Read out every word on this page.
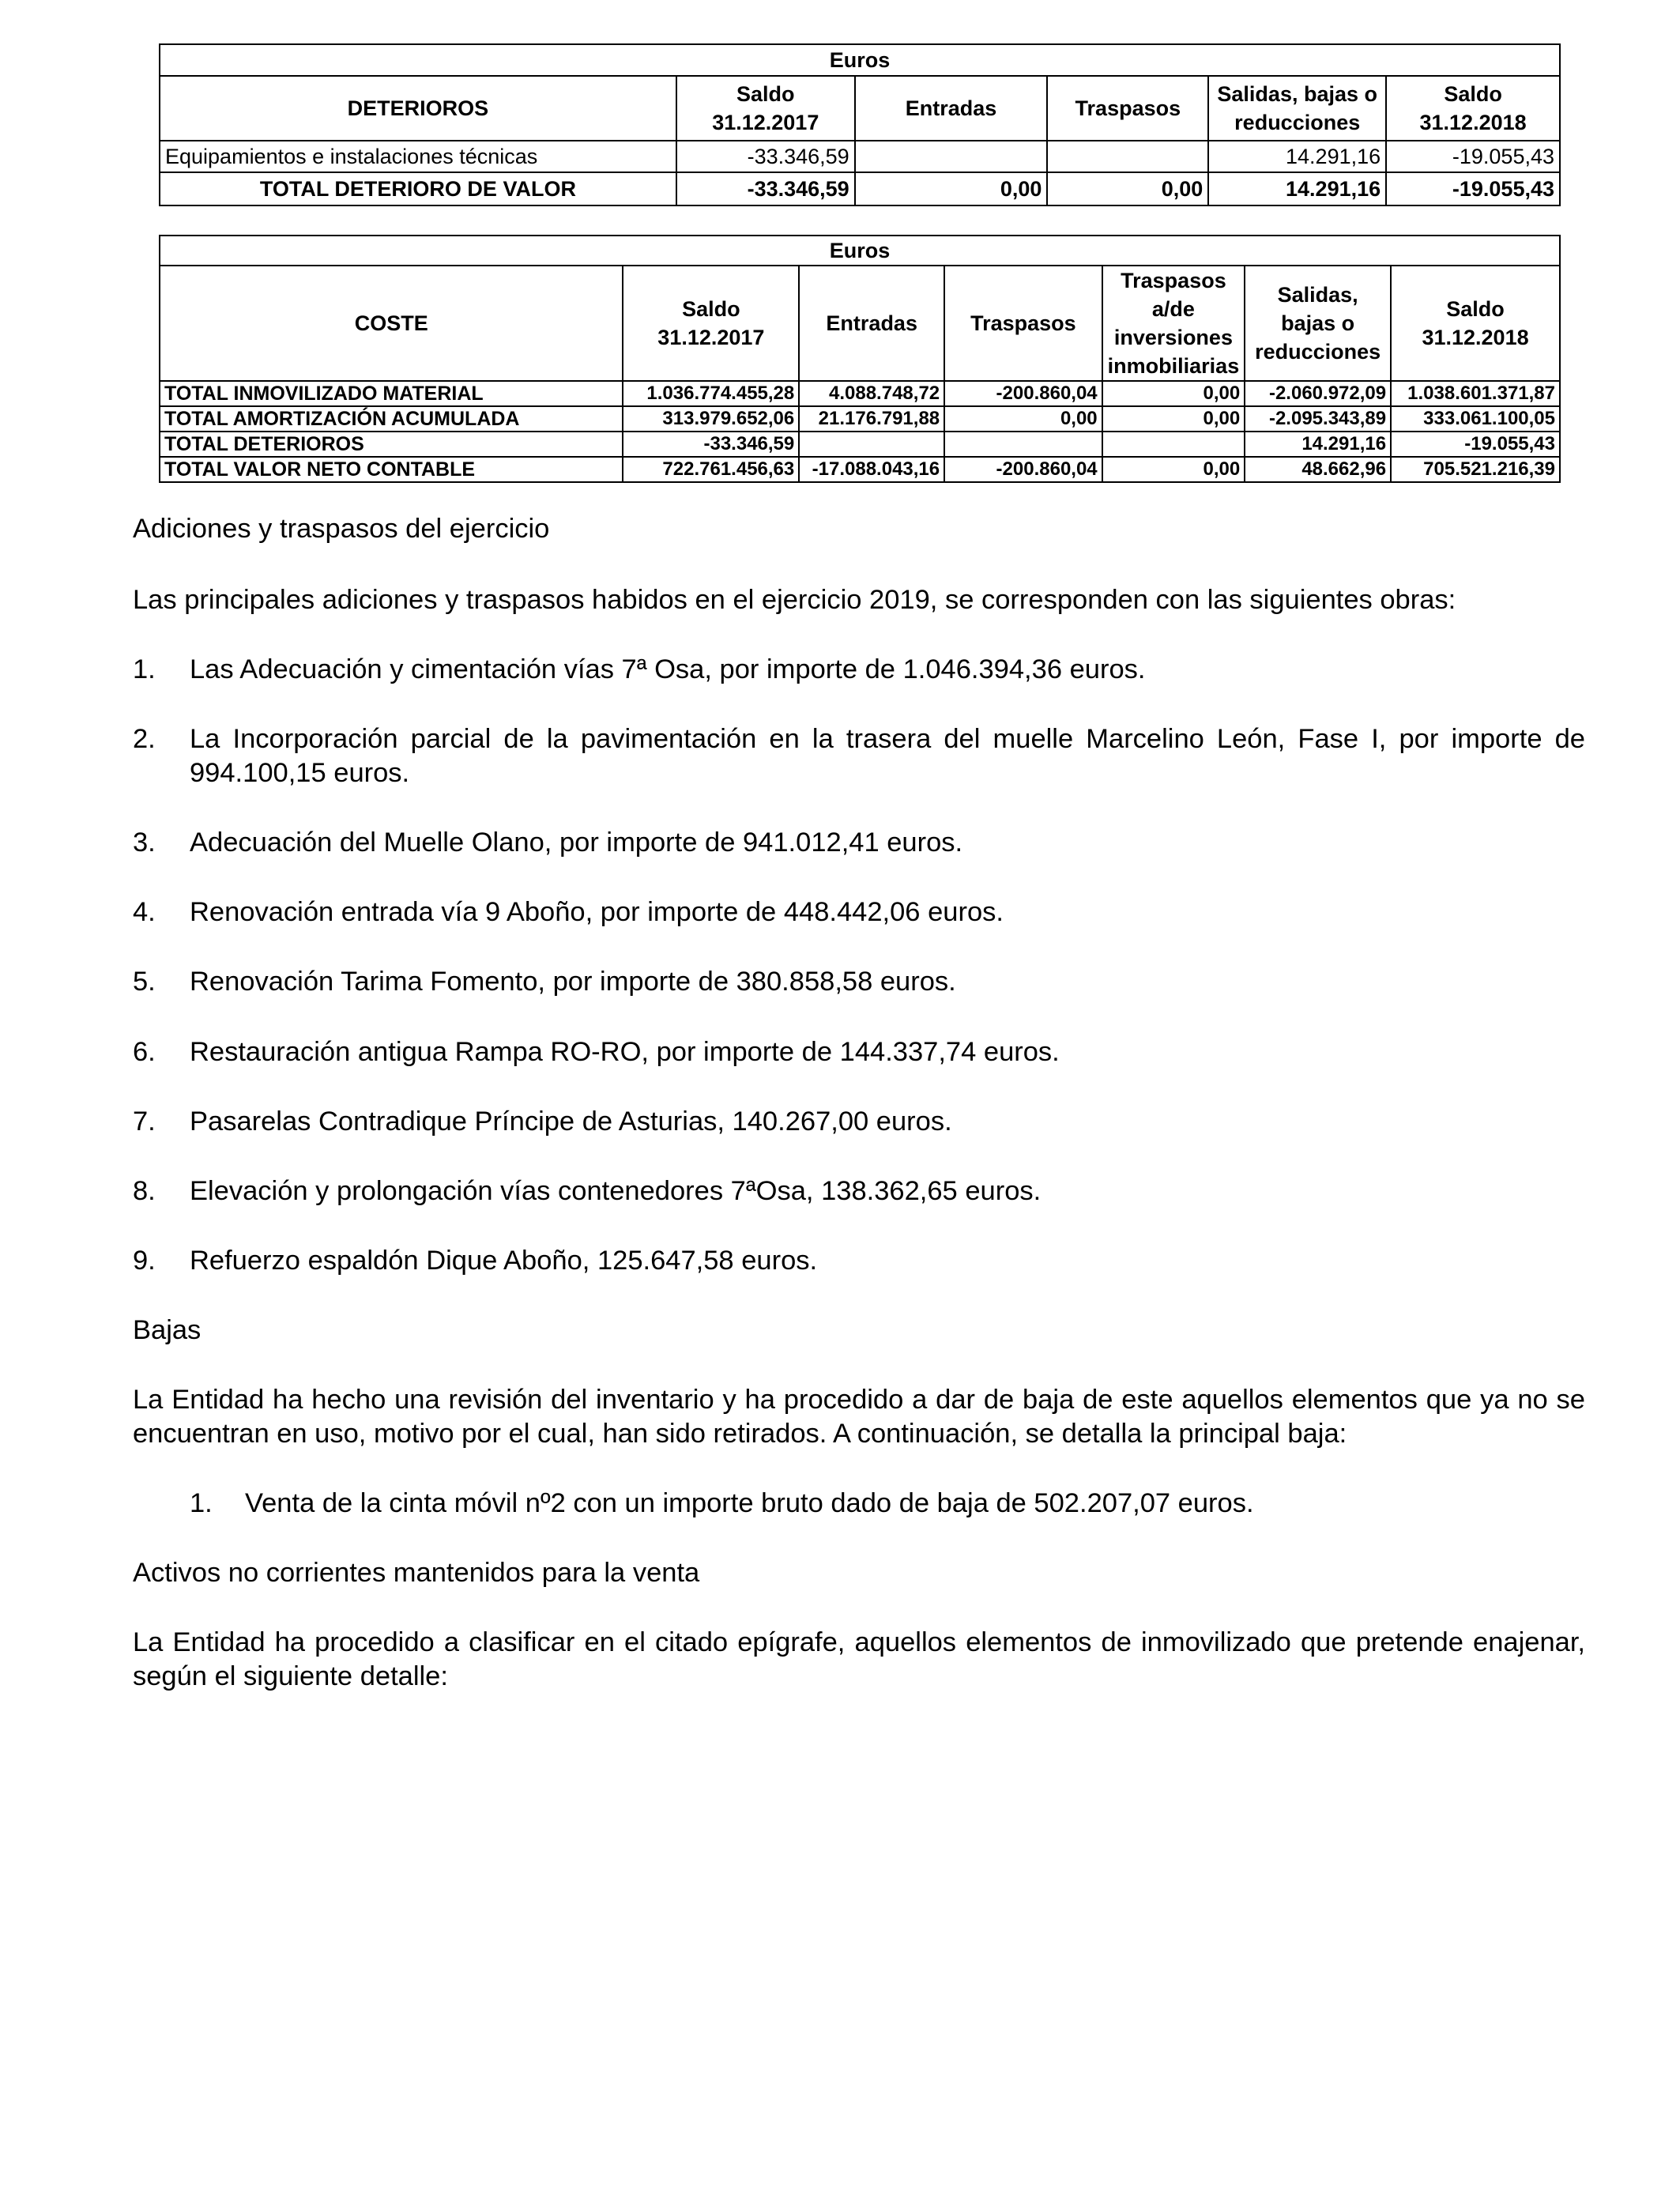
Euros					
DETERIOROS	Saldo 31.12.2017	Entradas	Traspasos	Salidas, bajas o reducciones	Saldo 31.12.2018
Equipamientos e instalaciones técnicas	-33.346,59			14.291,16	-19.055,43
TOTAL DETERIORO DE VALOR	-33.346,59	0,00	0,00	14.291,16	-19.055,43
Euros						
COSTE	Saldo 31.12.2017	Entradas	Traspasos	Traspasos a/de inversiones inmobiliarias	Salidas, bajas o reducciones	Saldo 31.12.2018
TOTAL INMOVILIZADO MATERIAL	1.036.774.455,28	4.088.748,72	-200.860,04	0,00	-2.060.972,09	1.038.601.371,87
TOTAL AMORTIZACIÓN ACUMULADA	313.979.652,06	21.176.791,88	0,00	0,00	-2.095.343,89	333.061.100,05
TOTAL DETERIOROS	-33.346,59				14.291,16	-19.055,43
TOTAL VALOR NETO CONTABLE	722.761.456,63	-17.088.043,16	-200.860,04	0,00	48.662,96	705.521.216,39

Adiciones y traspasos del ejercicio

Las principales adiciones y traspasos habidos en el ejercicio 2019, se corresponden con las siguientes obras:

1. Las Adecuación y cimentación vías 7ª Osa, por importe de 1.046.394,36 euros.
2. La Incorporación parcial de la pavimentación en la trasera del muelle Marcelino León, Fase I, por importe de 994.100,15 euros.
3. Adecuación del Muelle Olano, por importe de 941.012,41 euros.
4. Renovación entrada vía 9 Aboño, por importe de 448.442,06 euros.
5. Renovación Tarima Fomento, por importe de 380.858,58 euros.
6. Restauración antigua Rampa RO-RO, por importe de 144.337,74 euros.
7. Pasarelas Contradique Príncipe de Asturias, 140.267,00 euros.
8. Elevación y prolongación vías contenedores 7ªOsa, 138.362,65 euros.
9. Refuerzo espaldón Dique Aboño, 125.647,58 euros.

Bajas

La Entidad ha hecho una revisión del inventario y ha procedido a dar de baja de este aquellos elementos que ya no se encuentran en uso, motivo por el cual, han sido retirados. A continuación, se detalla la principal baja:

1. Venta de la cinta móvil nº2 con un importe bruto dado de baja de 502.207,07 euros.

Activos no corrientes mantenidos para la venta

La Entidad ha procedido a clasificar en el citado epígrafe, aquellos elementos de inmovilizado que pretende enajenar, según el siguiente detalle:
